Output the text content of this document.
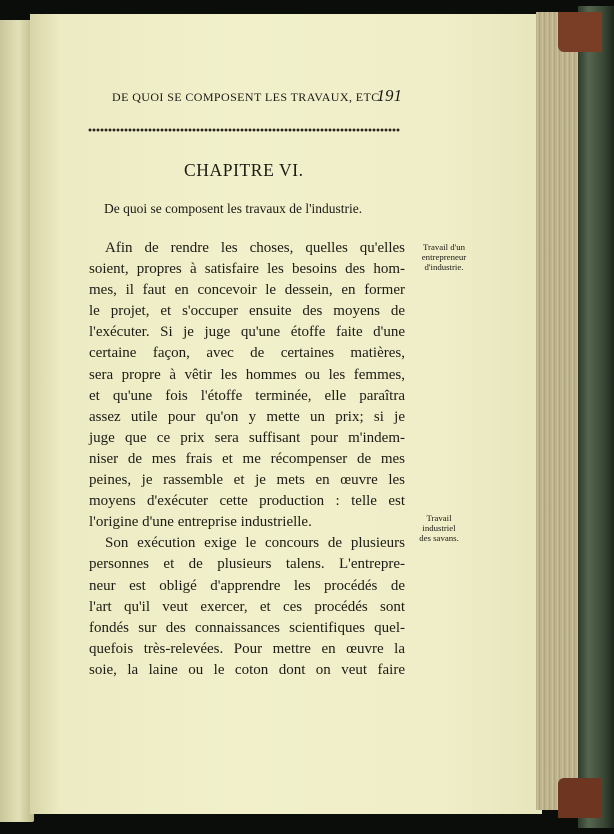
DE QUOI SE COMPOSENT LES TRAVAUX, ETC.
191
CHAPITRE VI.
De quoi se composent les travaux de l'industrie.
Afin de rendre les choses, quelles qu'elles
soient, propres à satisfaire les besoins des hom-
mes, il faut en concevoir le dessein, en former
le projet, et s'occuper ensuite des moyens de
l'exécuter. Si je juge qu'une étoffe faite d'une
certaine façon, avec de certaines matières,
sera propre à vêtir les hommes ou les femmes,
et qu'une fois l'étoffe terminée, elle paraîtra
assez utile pour qu'on y mette un prix; si je
juge que ce prix sera suffisant pour m'indem-
niser de mes frais et me récompenser de mes
peines, je rassemble et je mets en œuvre les
moyens d'exécuter cette production : telle est
l'origine d'une entreprise industrielle.
Son exécution exige le concours de plusieurs
personnes et de plusieurs talens. L'entrepre-
neur est obligé d'apprendre les procédés de
l'art qu'il veut exercer, et ces procédés sont
fondés sur des connaissances scientifiques quel-
quefois très-relevées. Pour mettre en œuvre la
soie, la laine ou le coton dont on veut faire
Travail d'un
entrepreneur
d'industrie.
Travail
industriel
des savans.
